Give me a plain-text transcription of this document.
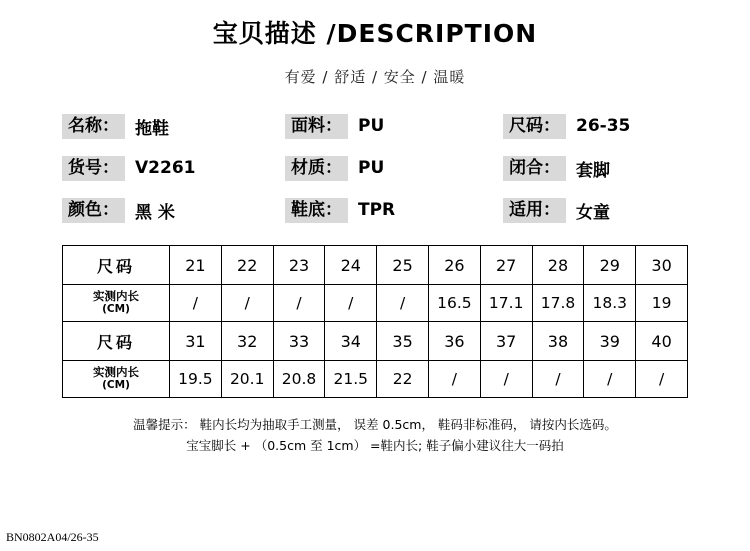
宝贝描述 /DESCRIPTION
有爱 / 舒适 / 安全 / 温暖
名称： 拖鞋
货号： V2261
颜色： 黑 米
面料： PU
材质： PU
鞋底： TPR
尺码： 26-35
闭合： 套脚
适用： 女童
尺码	21	22	23	24	25	26	27	28	29	30
实测内长
(CM)	/	/	/	/	/	16.5	17.1	17.8	18.3	19
尺码	31	32	33	34	35	36	37	38	39	40
实测内长
(CM)	19.5	20.1	20.8	21.5	22	/	/	/	/	/
温馨提示： 鞋内长均为抽取手工测量， 误差 0.5cm， 鞋码非标准码， 请按内长选码。
宝宝脚长 + （0.5cm 至 1cm） =鞋内长; 鞋子偏小建议往大一码拍
BN0802A04/26-35
